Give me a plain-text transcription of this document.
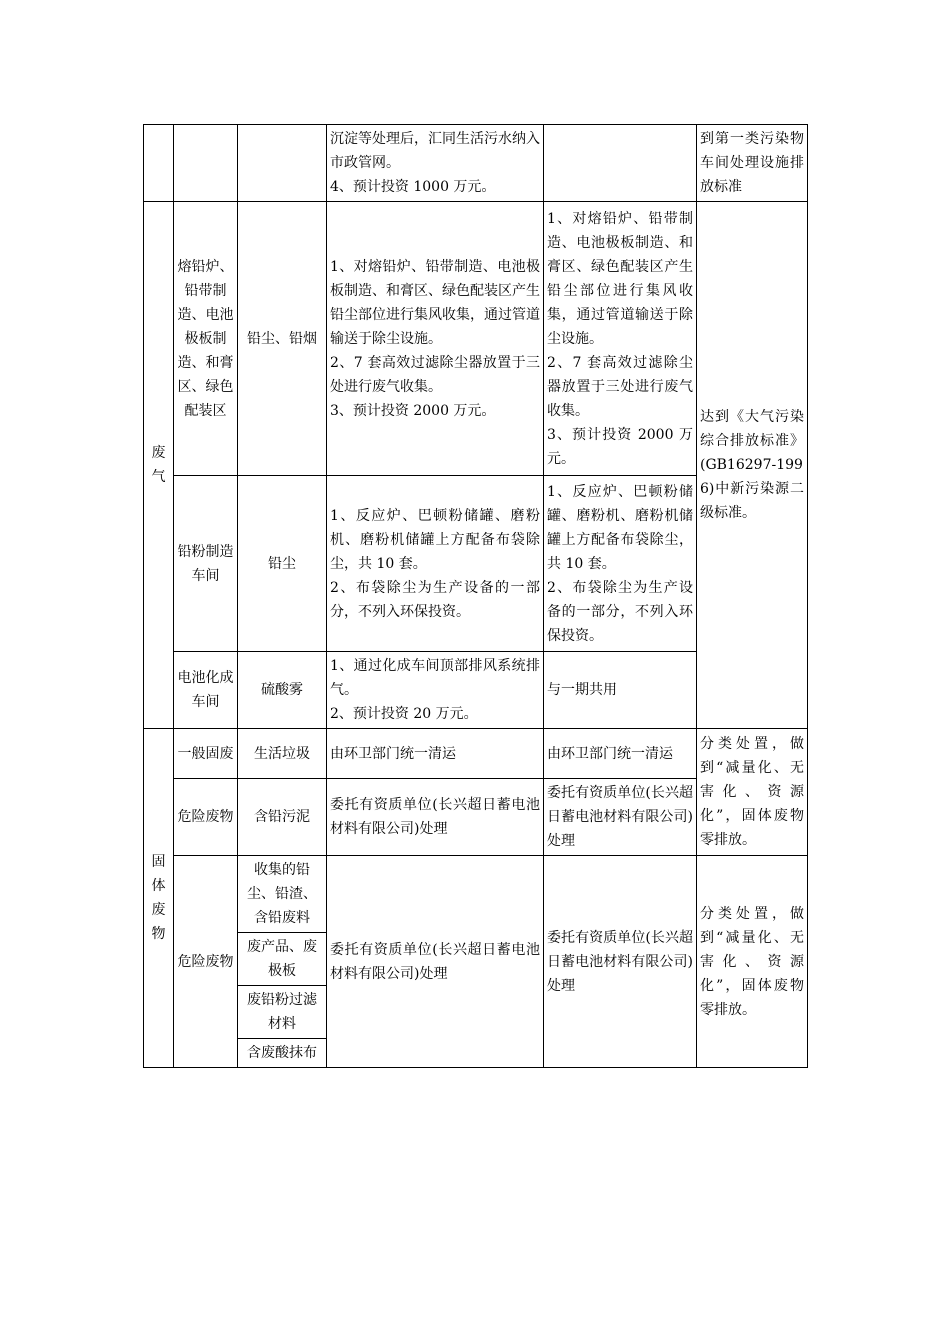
			沉淀等处理后，汇同生活污水纳入市政管网。
4、预计投资 1000 万元。		到第一类污染物车间处理设施排放标准
废气	熔铅炉、铅带制造、电池极板制造、和膏区、绿色配装区	铅尘、铅烟	1、对熔铅炉、铅带制造、电池极板制造、和膏区、绿色配装区产生铅尘部位进行集风收集，通过管道输送于除尘设施。
2、7 套高效过滤除尘器放置于三处进行废气收集。
3、预计投资 2000 万元。	1、对熔铅炉、铅带制造、电池极板制造、和膏区、绿色配装区产生铅尘部位进行集风收集，通过管道输送于除尘设施。
2、7 套高效过滤除尘器放置于三处进行废气收集。
3、预计投资 2000 万元。	达到《大气污染综合排放标准》(GB16297-1996)中新污染源二级标准。
	铅粉制造车间	铅尘	1、反应炉、巴顿粉储罐、磨粉机、磨粉机储罐上方配备布袋除尘，共 10 套。
2、布袋除尘为生产设备的一部分，不列入环保投资。	1、反应炉、巴顿粉储罐、磨粉机、磨粉机储罐上方配备布袋除尘，共 10 套。
2、布袋除尘为生产设备的一部分，不列入环保投资。	

	电池化成车间	硫酸雾	1、通过化成车间顶部排风系统排气。
2、预计投资 20 万元。	与一期共用	
固体废物	一般固废	生活垃圾	由环卫部门统一清运	由环卫部门统一清运	分类处置，做到“减量化、无害化、资源化”，固体废物零排放。
	危险废物	含铅污泥	委托有资质单位(长兴超日蓄电池材料有限公司)处理	委托有资质单位(长兴超日蓄电池材料有限公司)处理	
	危险废物	收集的铅尘、铅渣、含铅废料	委托有资质单位(长兴超日蓄电池材料有限公司)处理	委托有资质单位(长兴超日蓄电池材料有限公司)处理	分类处置，做到“减量化、无害化、资源化”，固体废物零排放。
		废产品、废极板			
		废铅粉过滤材料			
		含废酸抹布			
